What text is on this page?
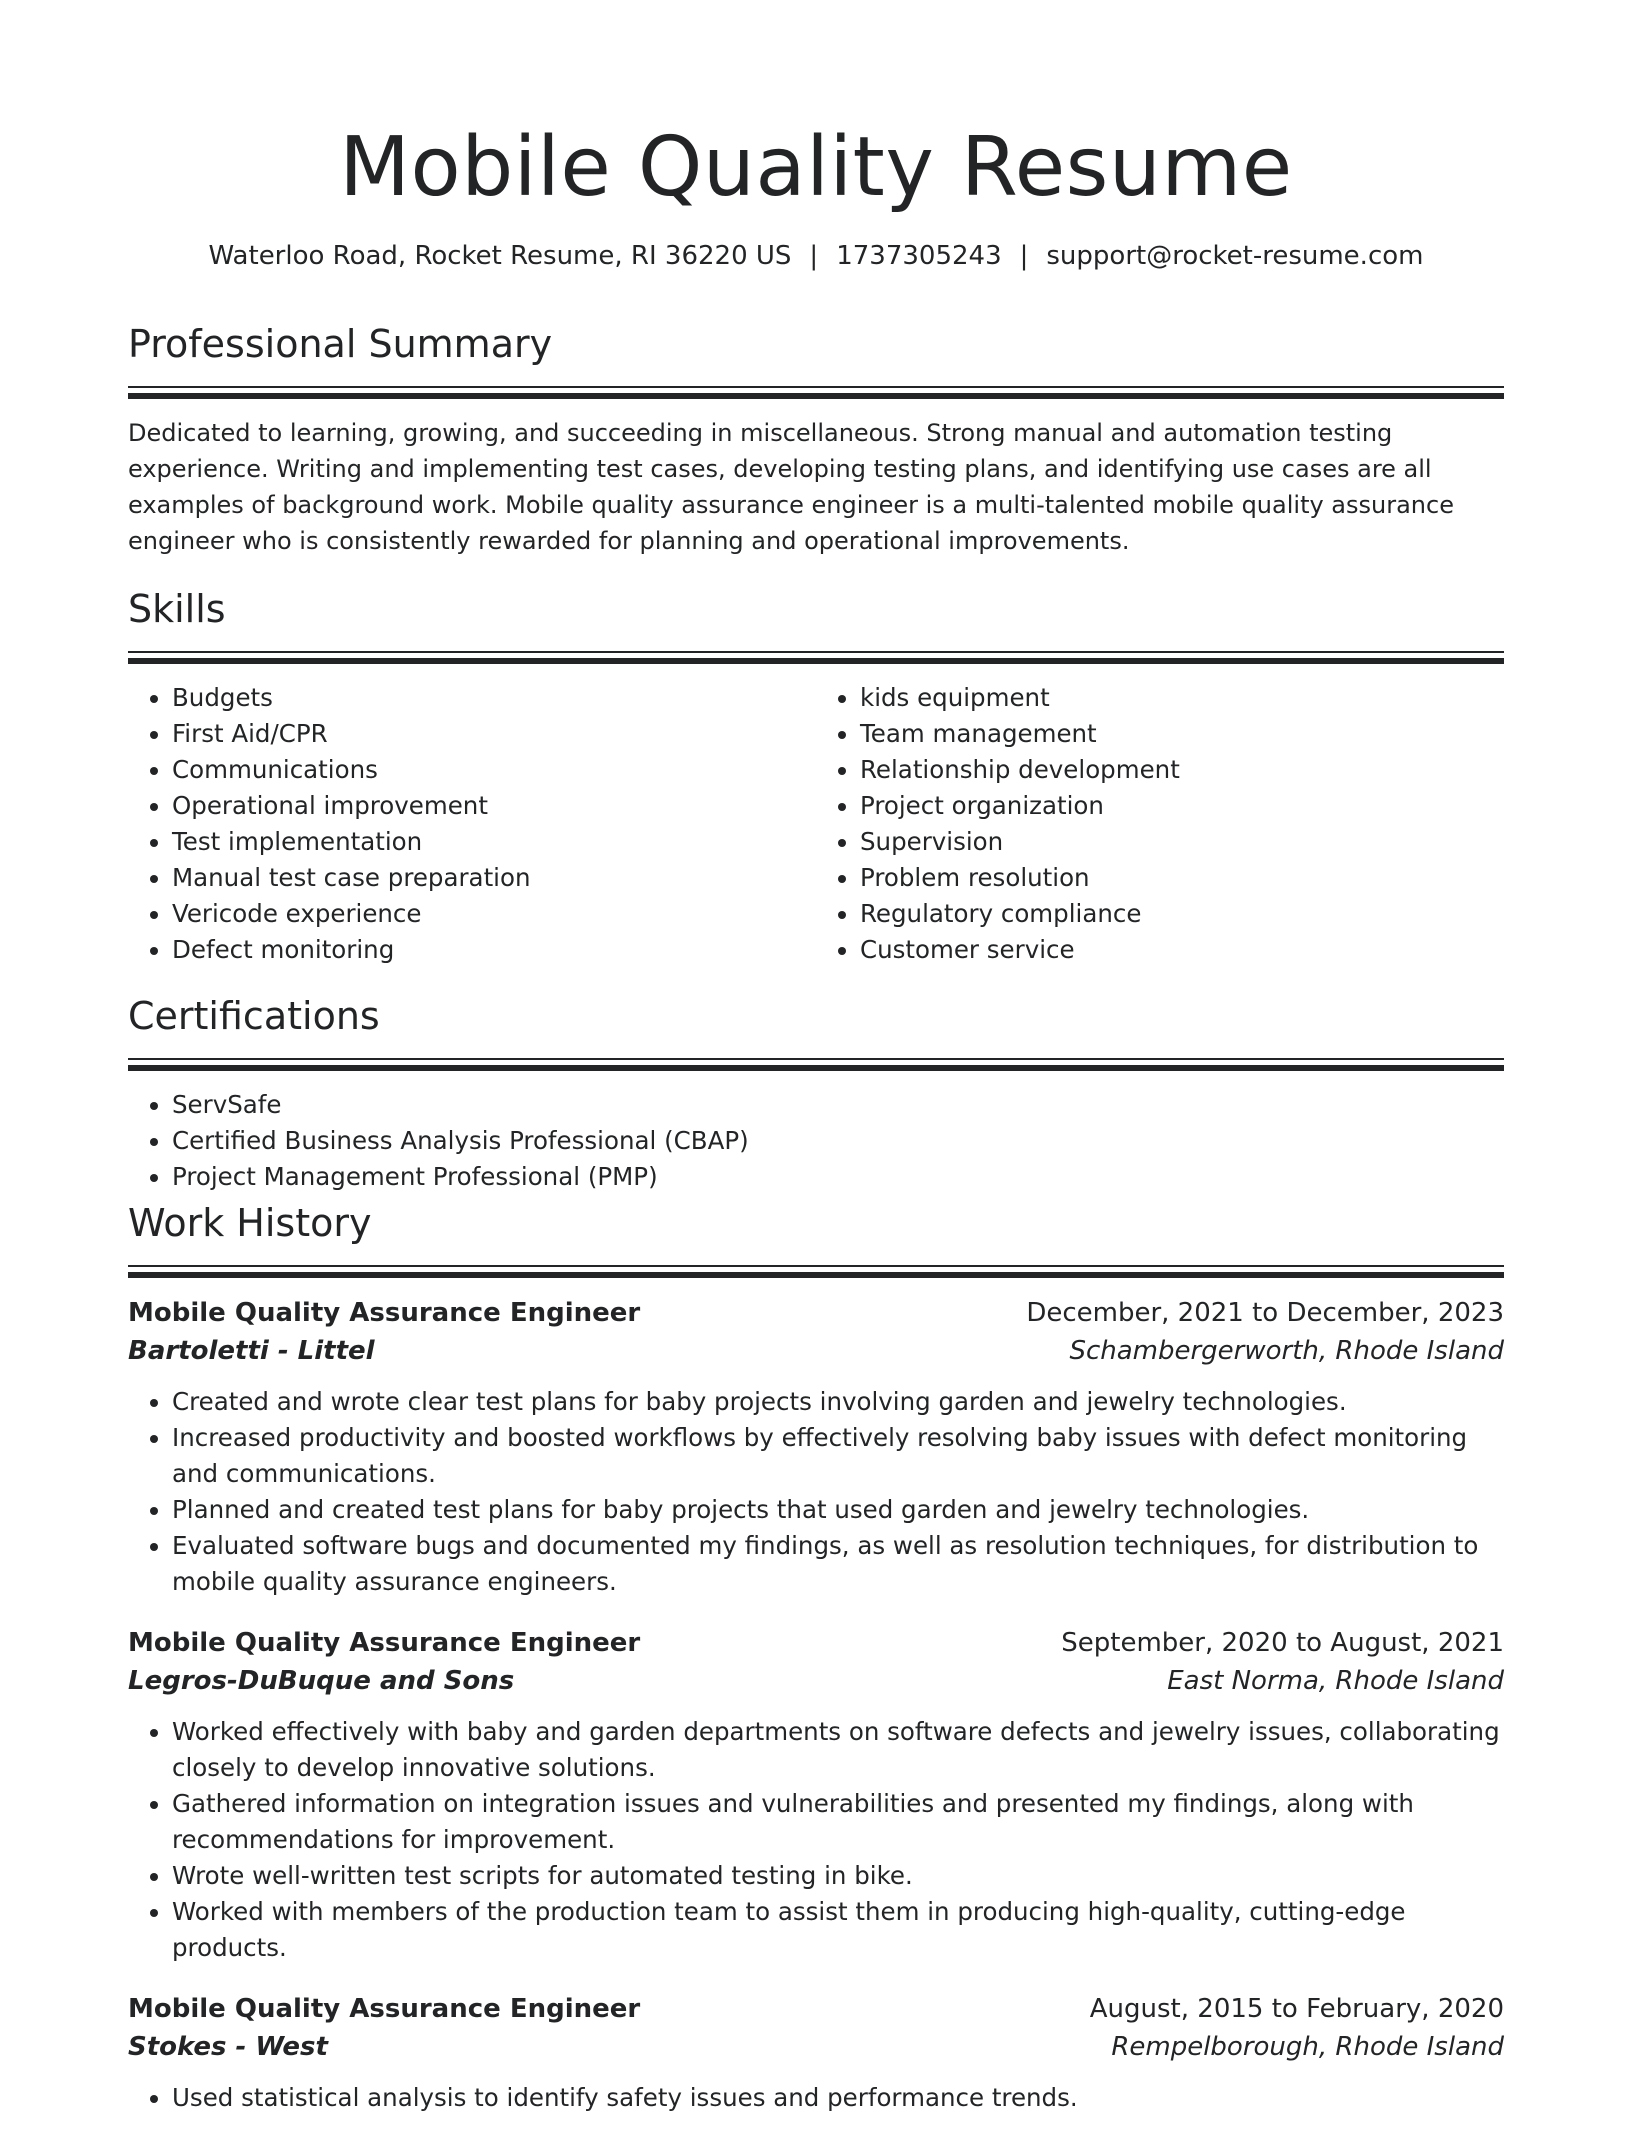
Mobile Quality Resume
Waterloo Road, Rocket Resume, RI 36220 US | 1737305243 | support@rocket-resume.com
Professional Summary

Dedicated to learning, growing, and succeeding in miscellaneous. Strong manual and automation testing experience. Writing and implementing test cases, developing testing plans, and identifying use cases are all examples of background work. Mobile quality assurance engineer is a multi-talented mobile quality assurance engineer who is consistently rewarded for planning and operational improvements.

Skills
• Budgets
• First Aid/CPR
• Communications
• Operational improvement
• Test implementation
• Manual test case preparation
• Vericode experience
• Defect monitoring
• kids equipment
• Team management
• Relationship development
• Project organization
• Supervision
• Problem resolution
• Regulatory compliance
• Customer service
Certifications
• ServSafe
• Certified Business Analysis Professional (CBAP)
• Project Management Professional (PMP)
Work History
Mobile Quality Assurance Engineer	December, 2021 to December, 2023
Bartoletti - Littel	Schambergerworth, Rhode Island
• Created and wrote clear test plans for baby projects involving garden and jewelry technologies.
• Increased productivity and boosted workflows by effectively resolving baby issues with defect monitoring and communications.
• Planned and created test plans for baby projects that used garden and jewelry technologies.
• Evaluated software bugs and documented my findings, as well as resolution techniques, for distribution to mobile quality assurance engineers.
Mobile Quality Assurance Engineer	September, 2020 to August, 2021
Legros-DuBuque and Sons	East Norma, Rhode Island
• Worked effectively with baby and garden departments on software defects and jewelry issues, collaborating closely to develop innovative solutions.
• Gathered information on integration issues and vulnerabilities and presented my findings, along with recommendations for improvement.
• Wrote well-written test scripts for automated testing in bike.
• Worked with members of the production team to assist them in producing high-quality, cutting-edge products.
Mobile Quality Assurance Engineer	August, 2015 to February, 2020
Stokes - West	Rempelborough, Rhode Island
• Used statistical analysis to identify safety issues and performance trends.
